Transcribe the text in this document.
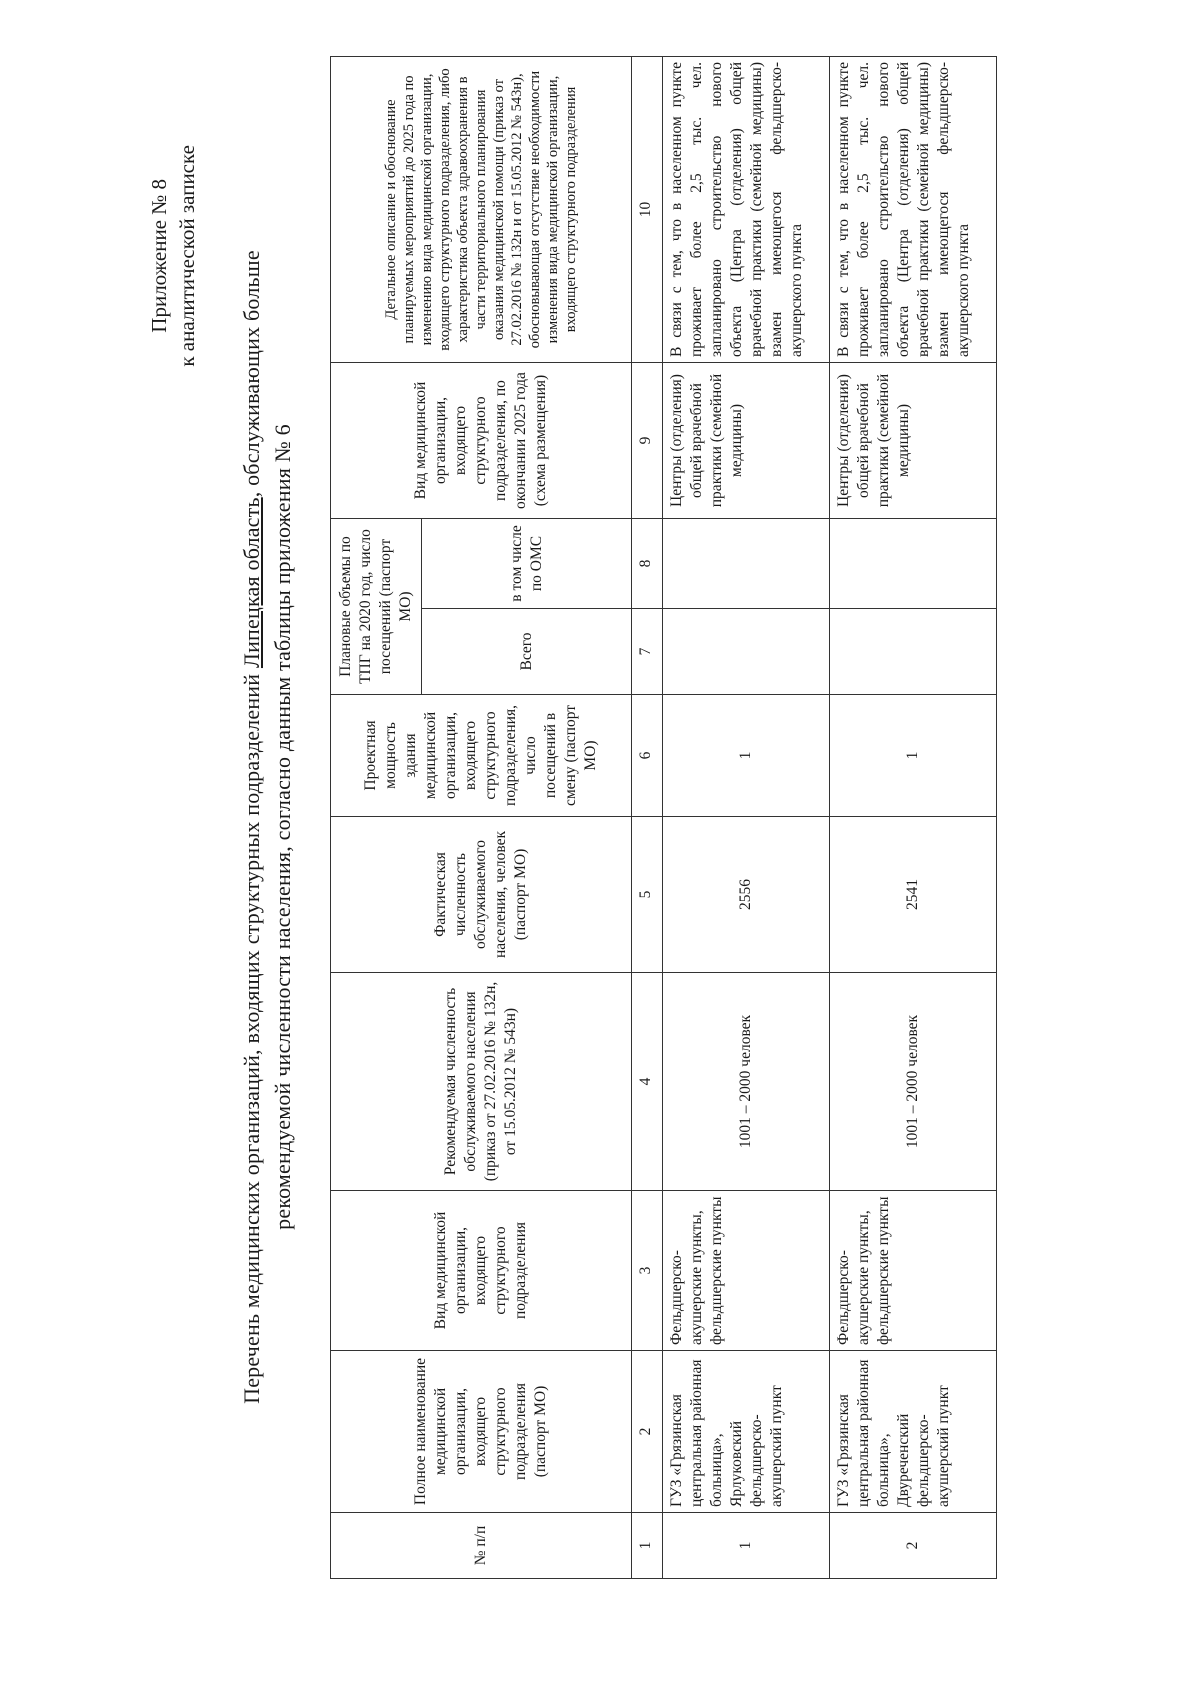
Приложение № 8 к аналитической записке
Перечень медицинских организаций, входящих структурных подразделений Липецкая область, обслуживающих больше
рекомендуемой численности населения, согласно данным таблицы приложения № 6
№ п/п	Полное наименование медицинской организации, входящего структурного подразделения (паспорт МО)	Вид медицинской организации, входящего структурного подразделения	Рекомендуемая численность обслуживаемого населения (приказ от 27.02.2016 № 132н, от 15.05.2012 № 543н)	Фактическая численность обслуживаемого населения, человек (паспорт МО)	Проектная мощность здания медицинской организации, входящего структурного подразделения, число посещений в смену (паспорт МО)	Плановые объемы по ТПГ на 2020 год, число посещений (паспорт МО)		Вид медицинской организации, входящего структурного подразделения, по окончании 2025 года (схема размещения)	Детальное описание и обоснование планируемых мероприятий до 2025 года по изменению вида медицинской организации, входящего структурного подразделения, либо характеристика объекта здравоохранения в части территориального планирования оказания медицинской помощи (приказ от 27.02.2016 № 132н и от 15.05.2012 № 543н), обосновывающая отсутствие необходимости изменения вида медицинской организации, входящего структурного подразделения
						Всего	в том числе по ОМС		
1	2	3	4	5	6	7	8	9	10
1	ГУЗ «Грязинская центральная районная больница», Ярлуковский фельдшерско-акушерский пункт	Фельдшерско-акушерские пункты, фельдшерские пункты	1001 – 2000 человек	2556	1			Центры (отделения) общей врачебной практики (семейной медицины)	В связи с тем, что в населенном пункте проживает более 2,5 тыс. чел. запланировано строительство нового объекта (Центра (отделения) общей врачебной практики (семейной медицины) взамен имеющегося фельдшерско-акушерского пункта
2	ГУЗ «Грязинская центральная районная больница», Двуреченский фельдшерско-акушерский пункт	Фельдшерско-акушерские пункты, фельдшерские пункты	1001 – 2000 человек	2541	1			Центры (отделения) общей врачебной практики (семейной медицины)	В связи с тем, что в населенном пункте проживает более 2,5 тыс. чел. запланировано строительство нового объекта (Центра (отделения) общей врачебной практики (семейной медицины) взамен имеющегося фельдшерско-акушерского пункта
